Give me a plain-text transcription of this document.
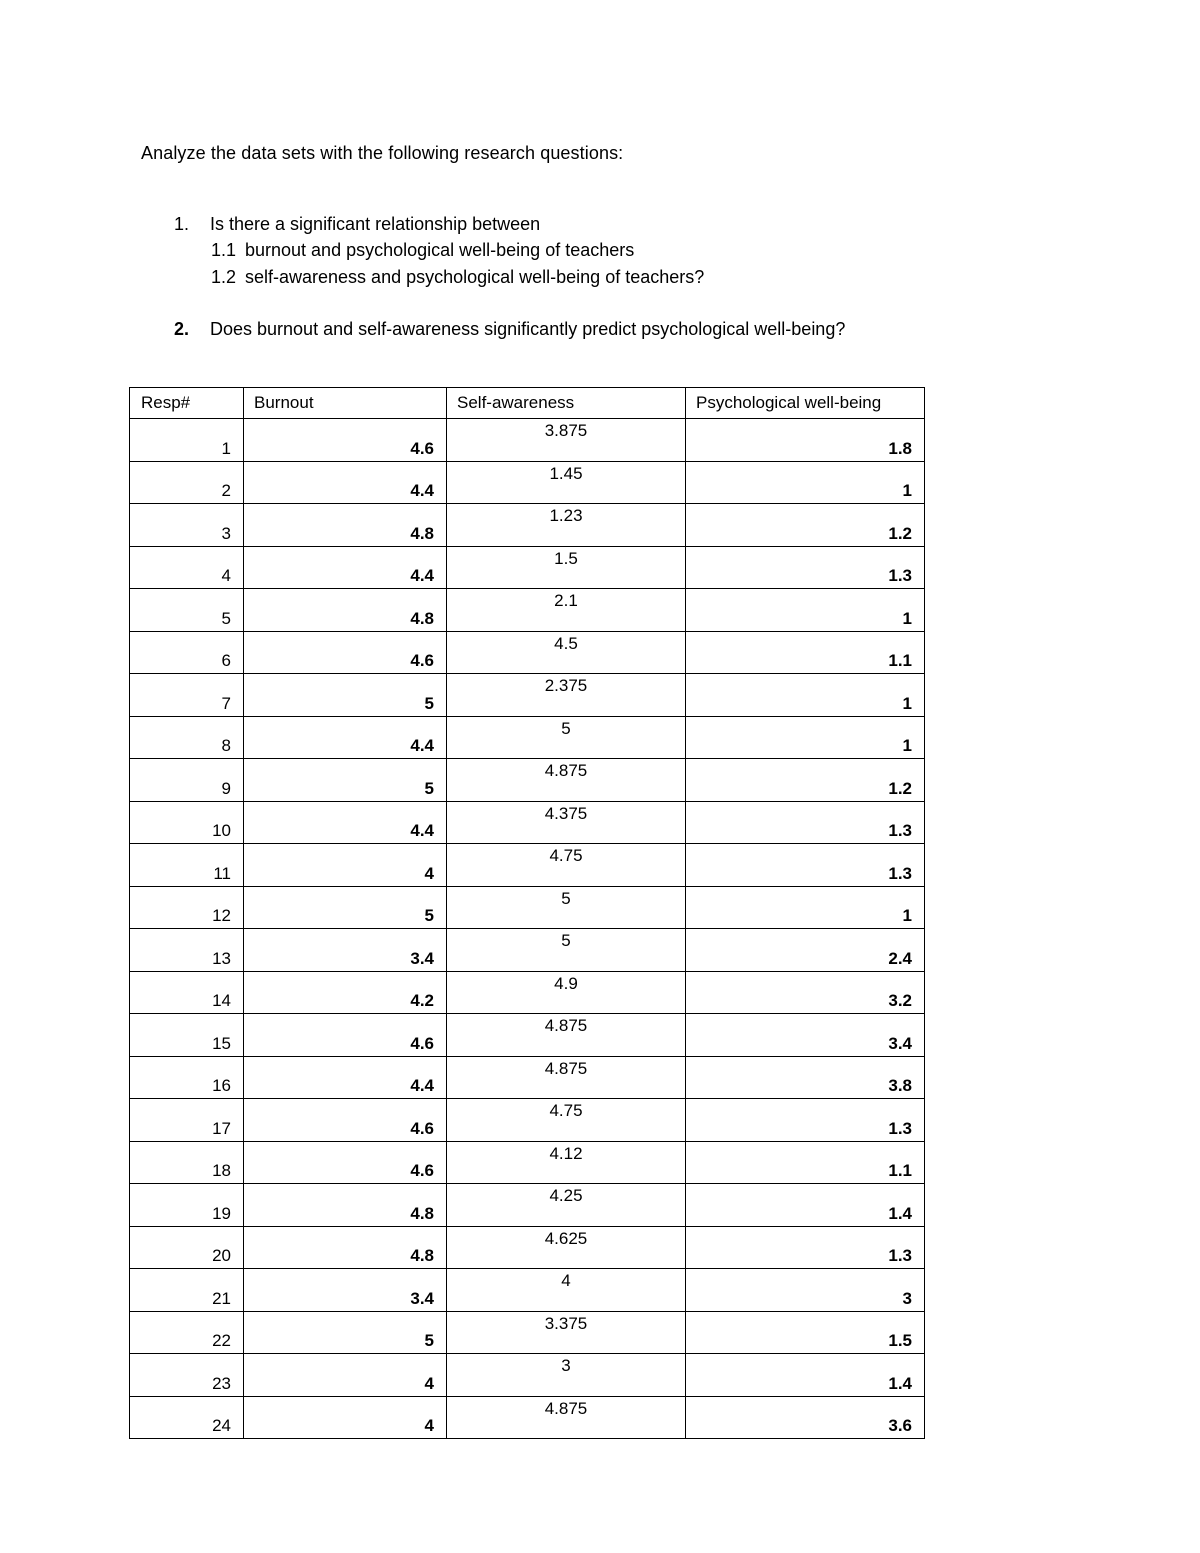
Analyze the data sets with the following research questions:
1. Is there a significant relationship between
1.1 burnout and psychological well-being of teachers
1.2 self-awareness and psychological well-being of teachers?
2. Does burnout and self-awareness significantly predict psychological well-being?
Resp#	Burnout	Self-awareness	Psychological well-being
1	4.6	3.875	1.8
2	4.4	1.45	1
3	4.8	1.23	1.2
4	4.4	1.5	1.3
5	4.8	2.1	1
6	4.6	4.5	1.1
7	5	2.375	1
8	4.4	5	1
9	5	4.875	1.2
10	4.4	4.375	1.3
11	4	4.75	1.3
12	5	5	1
13	3.4	5	2.4
14	4.2	4.9	3.2
15	4.6	4.875	3.4
16	4.4	4.875	3.8
17	4.6	4.75	1.3
18	4.6	4.12	1.1
19	4.8	4.25	1.4
20	4.8	4.625	1.3
21	3.4	4	3
22	5	3.375	1.5
23	4	3	1.4
24	4	4.875	3.6
